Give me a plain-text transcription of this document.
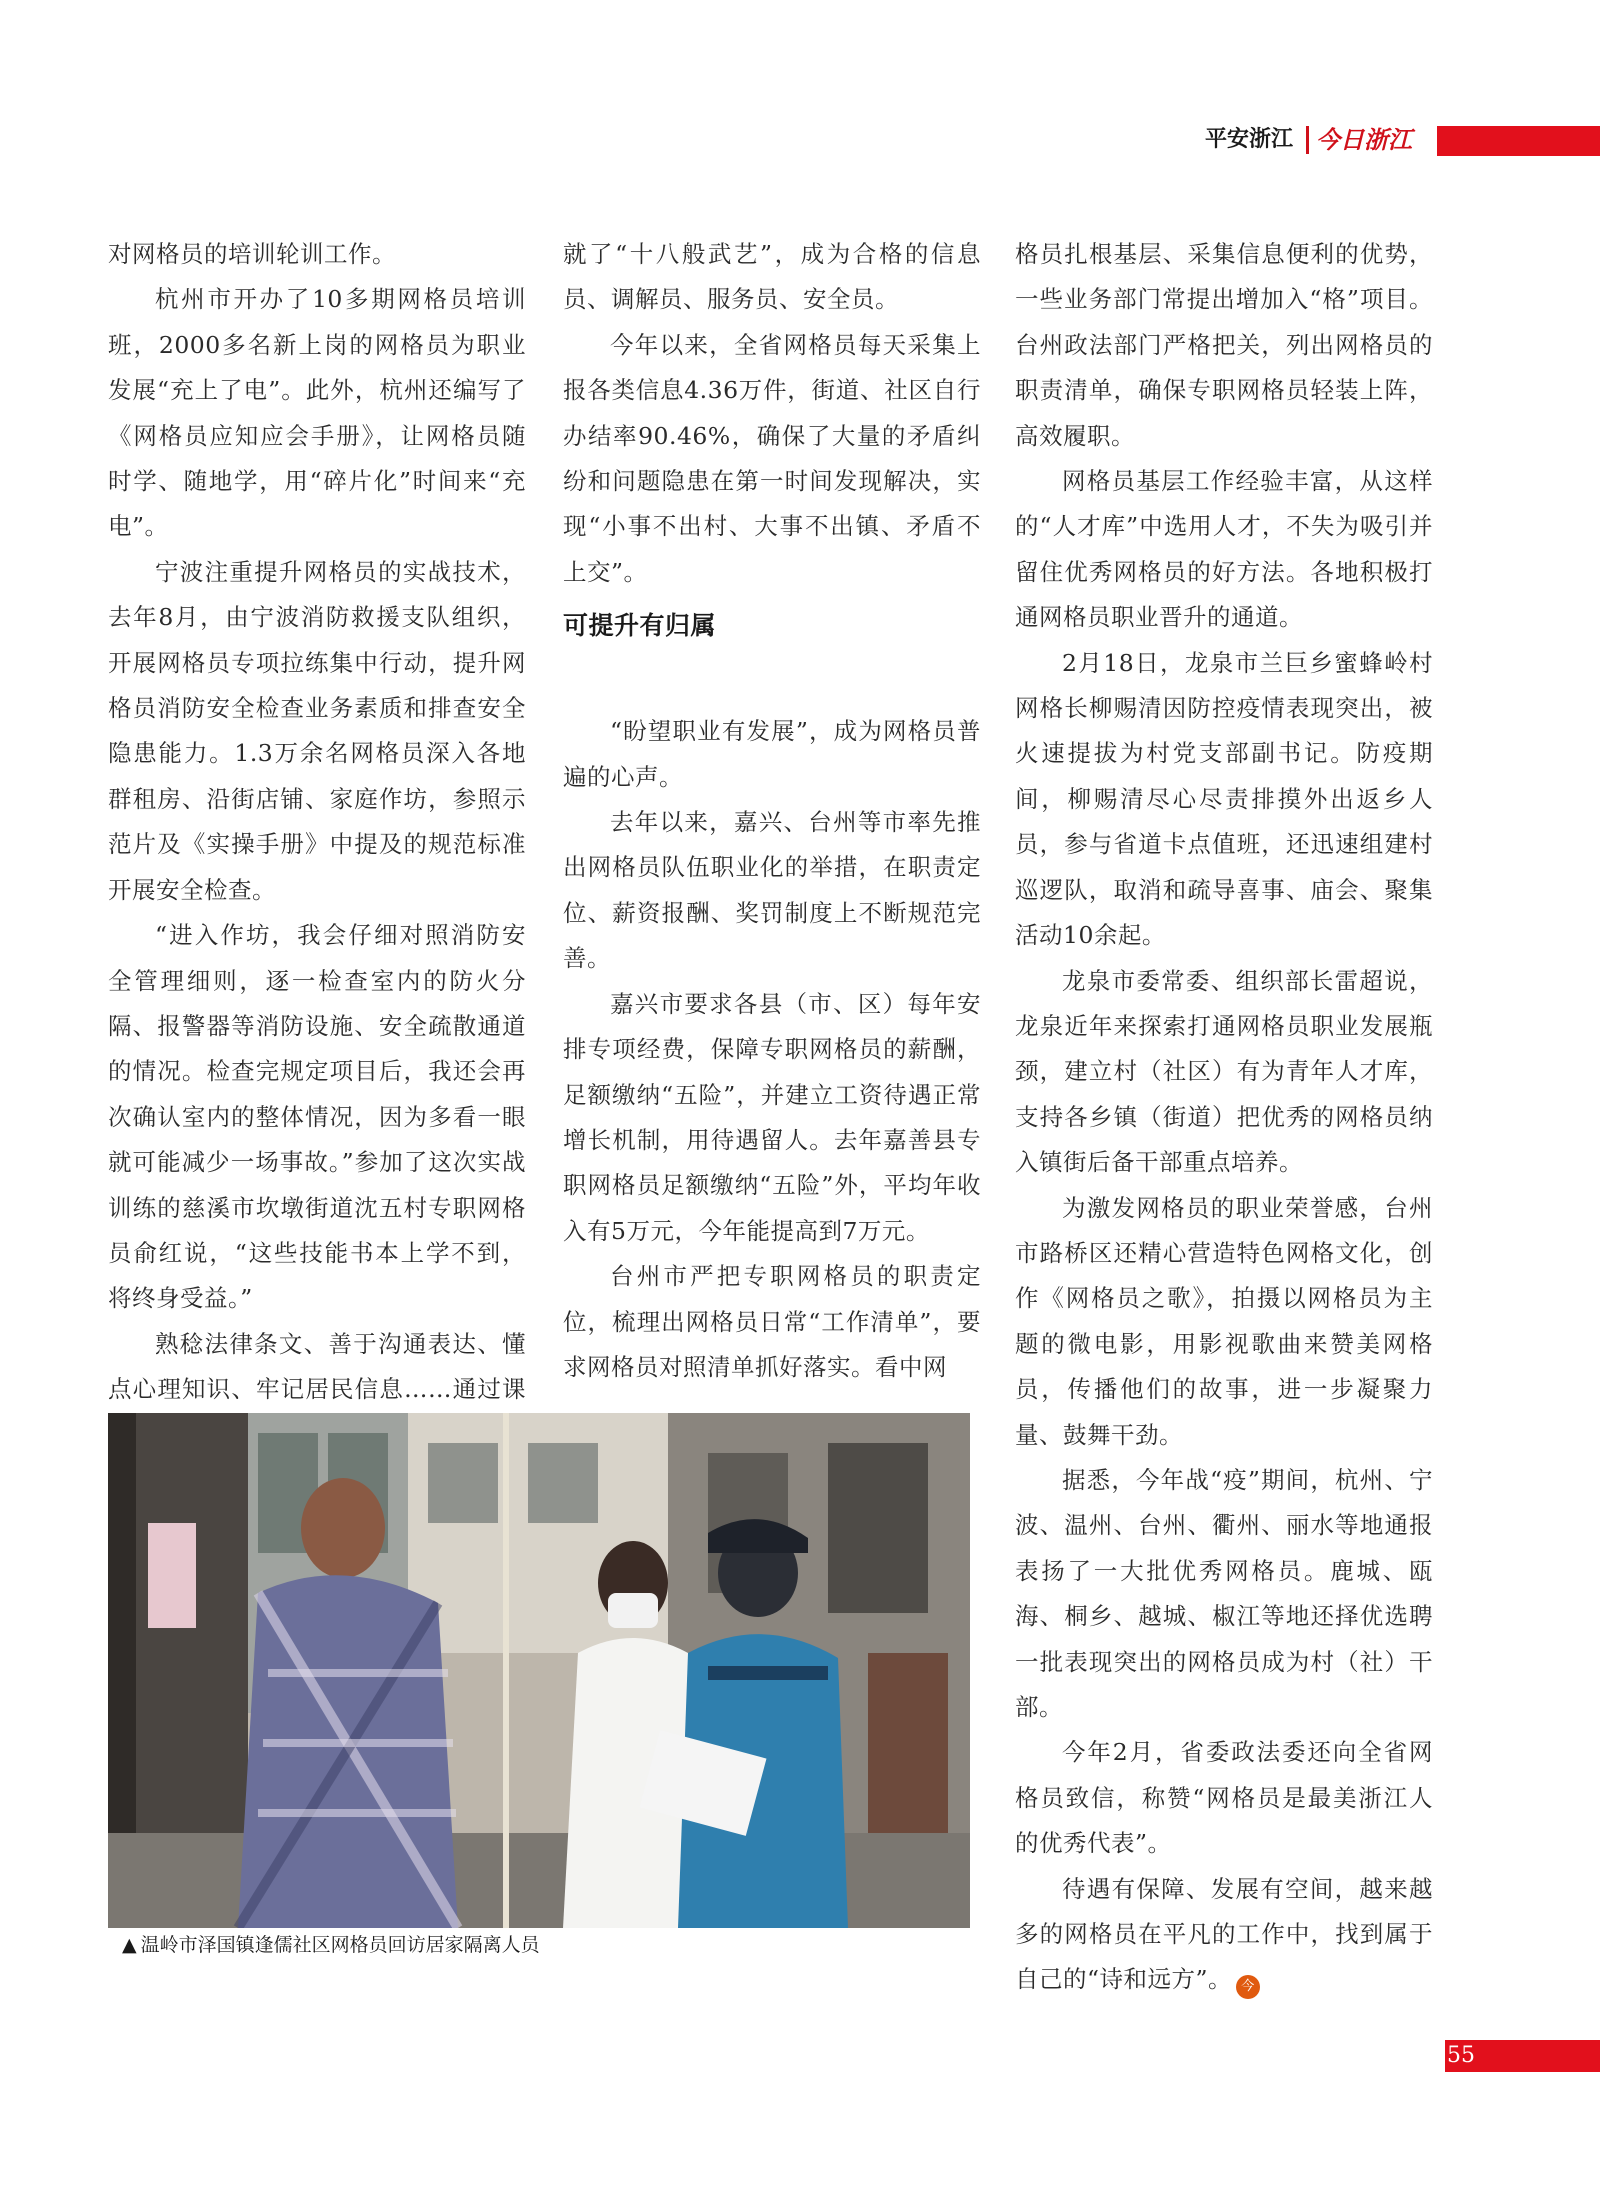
平安浙江 今日浙江

对网格员的培训轮训工作。

杭州市开办了10多期网格员培训班，2000多名新上岗的网格员为职业发展“充上了电”。此外，杭州还编写了《网格员应知应会手册》，让网格员随时学、随地学，用“碎片化”时间来“充电”。

宁波注重提升网格员的实战技术，去年8月，由宁波消防救援支队组织，开展网格员专项拉练集中行动，提升网格员消防安全检查业务素质和排查安全隐患能力。1.3万余名网格员深入各地群租房、沿街店铺、家庭作坊，参照示范片及《实操手册》中提及的规范标准开展安全检查。

“进入作坊，我会仔细对照消防安全管理细则，逐一检查室内的防火分隔、报警器等消防设施、安全疏散通道的情况。检查完规定项目后，我还会再次确认室内的整体情况，因为多看一眼就可能减少一场事故。”参加了这次实战训练的慈溪市坎墩街道沈五村专职网格员俞红说，“这些技能书本上学不到，将终身受益。”

熟稔法律条文、善于沟通表达、懂点心理知识、牢记居民信息……通过课

就了“十八般武艺”，成为合格的信息员、调解员、服务员、安全员。

今年以来，全省网格员每天采集上报各类信息4.36万件，街道、社区自行办结率90.46%，确保了大量的矛盾纠纷和问题隐患在第一时间发现解决，实现“小事不出村、大事不出镇、矛盾不上交”。

可提升有归属

“盼望职业有发展”，成为网格员普遍的心声。

去年以来，嘉兴、台州等市率先推出网格员队伍职业化的举措，在职责定位、薪资报酬、奖罚制度上不断规范完善。

嘉兴市要求各县（市、区）每年安排专项经费，保障专职网格员的薪酬，足额缴纳“五险”，并建立工资待遇正常增长机制，用待遇留人。去年嘉善县专职网格员足额缴纳“五险”外，平均年收入有5万元，今年能提高到7万元。

台州市严把专职网格员的职责定位，梳理出网格员日常“工作清单”，要求网格员对照清单抓好落实。看中网

格员扎根基层、采集信息便利的优势，一些业务部门常提出增加入“格”项目。台州政法部门严格把关，列出网格员的职责清单，确保专职网格员轻装上阵，高效履职。

网格员基层工作经验丰富，从这样的“人才库”中选用人才，不失为吸引并留住优秀网格员的好方法。各地积极打通网格员职业晋升的通道。

2月18日，龙泉市兰巨乡蜜蜂岭村网格长柳赐清因防控疫情表现突出，被火速提拔为村党支部副书记。防疫期间，柳赐清尽心尽责排摸外出返乡人员，参与省道卡点值班，还迅速组建村巡逻队，取消和疏导喜事、庙会、聚集活动10余起。

龙泉市委常委、组织部长雷超说，龙泉近年来探索打通网格员职业发展瓶颈，建立村（社区）有为青年人才库，支持各乡镇（街道）把优秀的网格员纳入镇街后备干部重点培养。

为激发网格员的职业荣誉感，台州市路桥区还精心营造特色网格文化，创作《网格员之歌》，拍摄以网格员为主题的微电影，用影视歌曲来赞美网格员，传播他们的故事，进一步凝聚力量、鼓舞干劲。

据悉，今年战“疫”期间，杭州、宁波、温州、台州、衢州、丽水等地通报表扬了一大批优秀网格员。鹿城、瓯海、桐乡、越城、椒江等地还择优选聘一批表现突出的网格员成为村（社）干部。

今年2月，省委政法委还向全省网格员致信，称赞“网格员是最美浙江人的优秀代表”。

待遇有保障、发展有空间，越来越多的网格员在平凡的工作中，找到属于自己的“诗和远方”。 今

▲ 温岭市泽国镇逢儒社区网格员回访居家隔离人员
55
